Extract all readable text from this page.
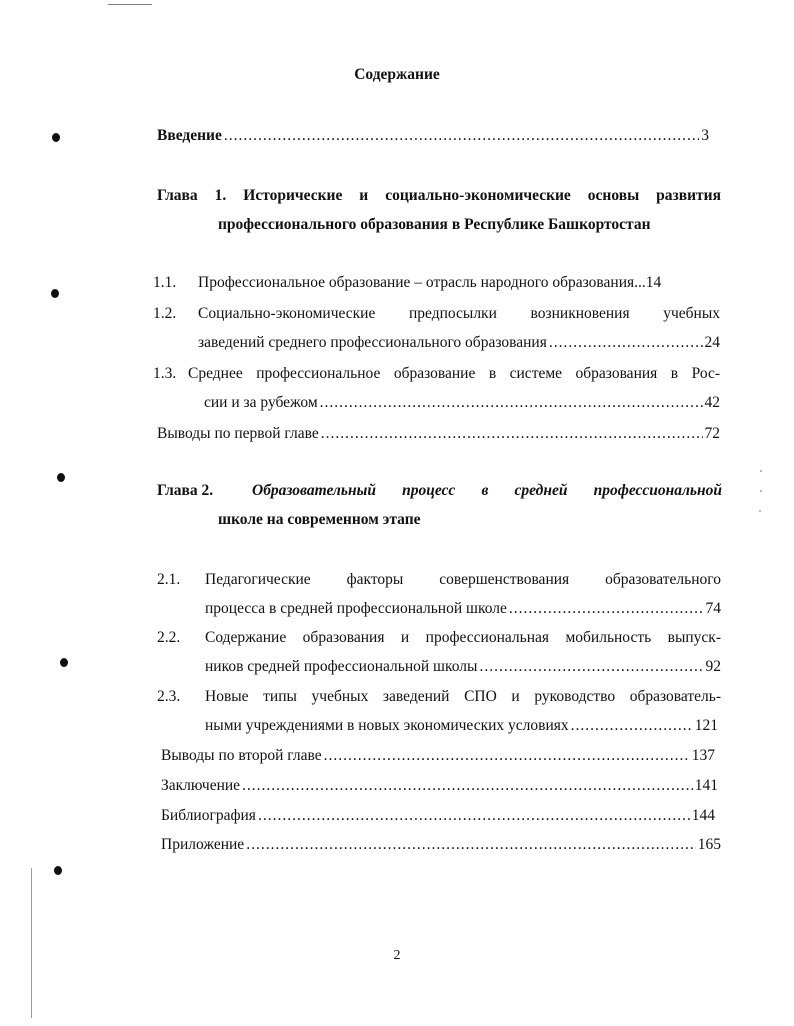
Содержание
Введение .....	3
Глава 1. Исторические и социально-экономические основы развития
профессионального образования в Республике Башкортостан
1.1. Профессиональное образование – отрасль народного образования...14
1.2. Социально-экономические предпосылки возникновения учебных
заведений среднего профессионального образования .....	24
1.3. Среднее профессиональное образование в системе образования в Рос-
сии и за рубежом .....	42
Выводы по первой главе .....	72
Глава 2.	Образовательный процесс в средней профессиональной
школе на современном этапе
2.1. Педагогические факторы совершенствования образовательного
процесса в средней профессиональной школе .....	74
2.2. Содержание образования и профессиональная мобильность выпуск-
ников средней профессиональной школы .....	92
2.3. Новые типы учебных заведений СПО и руководство образователь-
ными учреждениями в новых экономических условиях .....	121
Выводы по второй главе .....	137
Заключение .....	141
Библиография .....	144
Приложение .....	165
2
